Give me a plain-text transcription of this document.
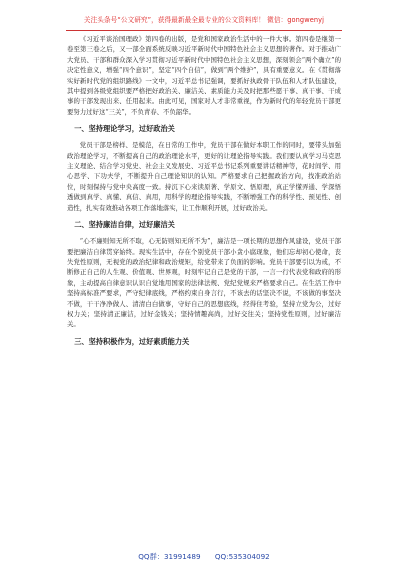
关注头条号“公文研究”，获得最新最全最专业的公文资料库！ 微信：gongwenyj

《习近平谈治国理政》第四卷的出版，是党和国家政治生活中的一件大事。第四卷是继第一卷至第三卷之后，又一部全面系统反映习近平新时代中国特色社会主义思想的著作。对于推动广大党员、干部和群众深入学习贯彻习近平新时代中国特色社会主义思想，深刻领会“两个确立”的决定性意义，增强“四个意识”，坚定“四个自信”，做到“两个维护”，具有重要意义。在《贯彻落实好新时代党的组织路线》一文中，习近平总书记强调，要抓好执政骨干队伍和人才队伍建设，其中提到各级党组织要严格把好政治关、廉洁关、素质能力关及时把那些愿干事、真干事、干成事的干部发现出来、任用起来。由此可见，国家对人才非常重视，作为新时代的年轻党员干部更要努力过好这“三关”，不负青春、不负韶华。

一、坚持理论学习，过好政治关

党员干部是榜样、是模范，在日常的工作中，党员干部在做好本职工作的同时，要带头加强政治理论学习，不断提高自己的政治理论水平，更好的让理论指导实践。我们要认真学习马克思主义理论、结合学习党史、社会主义发展史、习近平总书记系列重要讲话精神等，花时间学、用心思学、下功夫学，不断提升自己理论知识的认知。严格要求自己把握政治方向，找准政治站位，时刻保持与党中央高度一致。持沉下心来读原著、学原文、悟原理，真正学懂弄通、学深悟透做到真学、真懂、真信、真用，用科学的理论指导实践，不断增强工作的科学性、预见性、创造性，扎实有效推动各项工作落地落实，让工作顺利开展，过好政治关。

二、坚持廉洁自律，过好廉洁关

“心不廉则知无所不取，心无防则知无所不为”，廉洁是一项长期的思想作风建设，党员干部要把廉洁自律贯穿始终。现实生活中，存在个别党员干部小贪小腐现象，他们忘却初心使命，丧失党性原则，无视党的政治纪律和政治规矩，给党带来了负面的影响。党员干部要引以为戒，不断修正自己的人生观、价值观、世界观，时刻牢记自己是党的干部，一言一行代表党和政府的形象，主动提高自律意识认识自觉地用国家的法律法规、党纪党规来严格要求自己。在生活工作中坚持高标准严要求，严守纪律底线，严格约束自身言行，不该去的话坚决不说，不该做的事坚决不做，干干净净做人、清清白白做事，守好自己的思想底线，经得住考验，坚持立党为公，过好权力关；坚持清正廉洁，过好金钱关；坚持情趣高尚，过好交往关；坚持党性原则，过好廉洁关。

三、坚持积极作为，过好素质能力关
QQ群：31991489 QQ:535304092
